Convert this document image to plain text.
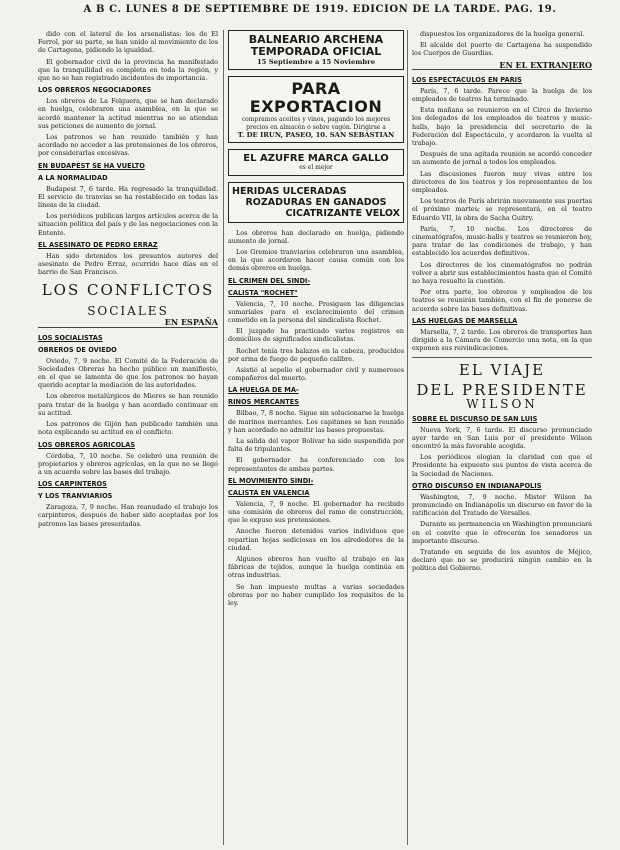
A B C. LUNES 8 DE SEPTIEMBRE DE 1919. EDICION DE LA TARDE. PAG. 19.

dido con el lateral de los arsenalistas: los de El Ferrol, por su parte, se han unido al movimiento de los de Cartagena, pidiendo la igualdad.

El gobernador civil de la provincia ha manifestado que la tranquilidad es completa en toda la región, y que no se han registrado incidentes de importancia.

LOS OBREROS NEGOCIADORES

Los obreros de La Felguera, que se han declarado en huelga, celebraron una asamblea, en la que se acordó mantener la actitud mientras no se atiendan sus peticiones de aumento de jornal.

Los patronos se han reunido también y han acordado no acceder a las pretensiones de los obreros, por considerarlas excesivas.

EN BUDAPEST SE HA VUELTO
A LA NORMALIDAD

Budapest 7, 6 tarde. Ha regresado la tranquilidad. El servicio de tranvías se ha restablecido en todas las líneas de la ciudad.

Los periódicos publican largos artículos acerca de la situación política del país y de las negociaciones con la Entente.

EL ASESINATO DE PEDRO ERRAZ

Han sido detenidos los presuntos autores del asesinato de Pedro Erraz, ocurrido hace días en el barrio de San Francisco.

LOS CONFLICTOS
SOCIALES
EN ESPAÑA
LOS SOCIALISTAS
OBREROS DE OVIEDO

Oviedo, 7, 9 noche. El Comité de la Federación de Sociedades Obreras ha hecho público un manifiesto, en el que se lamenta de que los patronos no hayan querido aceptar la mediación de las autoridades.

Los obreros metalúrgicos de Mieres se han reunido para tratar de la huelga y han acordado continuar en su actitud.

Los patronos de Gijón han publicado también una nota explicando su actitud en el conflicto.

LOS OBREROS AGRICOLAS

Córdoba, 7, 10 noche. Se celebró una reunión de propietarios y obreros agrícolas, en la que no se llegó a un acuerdo sobre las bases del trabajo.

LOS CARPINTEROS
Y LOS TRANVIARIOS

Zaragoza, 7, 9 noche. Han reanudado el trabajo los carpinteros, después de haber sido aceptadas por los patronos las bases presentadas.

BALNEARIO ARCHENA
TEMPORADA OFICIAL
15 Septiembre a 15 Noviembre
PARA EXPORTACION
compramos aceites y vinos, pagando los mejores precios en almacén o sobre vagón. Dirigirse a
T. DE IRUN, PASEO, 10. SAN SEBASTIAN
EL AZUFRE MARCA GALLO
es el mejor
HERIDAS ULCERADAS
ROZADURAS EN GANADOS
CICATRIZANTE VELOX

Los obreros han declarado en huelga, pidiendo aumento de jornal.

Los Gremios tranviarios celebraron una asamblea, en la que acordaron hacer causa común con los demás obreros en huelga.

EL CRIMEN DEL SINDI-
CALISTA "ROCHET"

Valencia, 7, 10 noche. Prosiguen las diligencias sumariales para el esclarecimiento del crimen cometido en la persona del sindicalista Rochet.

El juzgado ha practicado varios registros en domicilios de significados sindicalistas.

Rochet tenía tres balazos en la cabeza, producidos por arma de fuego de pequeño calibre.

Asistió al sepelio el gobernador civil y numerosos compañeros del muerto.

LA HUELGA DE MA-
RINOS MERCANTES

Bilbao, 7, 8 noche. Sigue sin solucionarse la huelga de marinos mercantes. Los capitanes se han reunido y han acordado no admitir las bases propuestas.

La salida del vapor Bolívar ha sido suspendida por falta de tripulantes.

El gobernador ha conferenciado con los representantes de ambas partes.

EL MOVIMIENTO SINDI-
CALISTA EN VALENCIA

Valencia, 7, 9 noche. El gobernador ha recibido una comisión de obreros del ramo de construcción, que le expuso sus pretensiones.

Anoche fueron detenidos varios individuos que repartían hojas sediciosas en los alrededores de la ciudad.

Algunos obreros han vuelto al trabajo en las fábricas de tejidos, aunque la huelga continúa en otras industrias.

Se han impuesto multas a varias sociedades obreras por no haber cumplido los requisitos de la ley.

dispuestos los organizadores de la huelga general.

El alcalde del puerto de Cartagena ha suspendido los Cuerpos de Guardias.

EN EL EXTRANJERO
LOS ESPECTACULOS EN PARIS

París, 7, 6 tarde. Parece que la huelga de los empleados de teatros ha terminado.

Esta mañana se reunieron en el Circo de Invierno los delegados de los empleados de teatros y music-halls, bajo la presidencia del secretario de la Federación del Espectáculo, y acordaron la vuelta al trabajo.

Después de una agitada reunión se acordó conceder un aumento de jornal a todos los empleados.

Las discusiones fueron muy vivas entre los directores de los teatros y los representantes de los empleados.

Los teatros de París abrirán nuevamente sus puertas el próximo martes; se representará, en el teatro Eduardo VII, la obra de Sacha Guitry.

París, 7, 10 noche. Los directores de cinematógrafos, music-halls y teatros se reunieron hoy, para tratar de las condiciones de trabajo, y han establecido los acuerdos definitivos.

Los directores de los cinematógrafos no podrán volver a abrir sus establecimientos hasta que el Comité no haya resuelto la cuestión.

Por otra parte, los obreros y empleados de los teatros se reunirán también, con el fin de ponerse de acuerdo sobre las bases definitivas.

LAS HUELGAS DE MARSELLA

Marsella, 7, 2 tarde. Los obreros de transportes han dirigido a la Cámara de Comercio una nota, en la que exponen sus reivindicaciones.

EL VIAJE
DEL PRESIDENTE
WILSON
SOBRE EL DISCURSO DE SAN LUIS

Nueva York, 7, 6 tarde. El discurso pronunciado ayer tarde en San Luis por el presidente Wilson encontró la más favorable acogida.

Los periódicos elogian la claridad con que el Presidente ha expuesto sus puntos de vista acerca de la Sociedad de Naciones.

OTRO DISCURSO EN INDIANAPOLIS

Washington, 7, 9 noche. Mister Wilson ha pronunciado en Indianápolis un discurso en favor de la ratificación del Tratado de Versalles.

Durante su permanencia en Washington pronunciará en el convite que le ofrecerán los senadores un importante discurso.

Tratando en seguida de los asuntos de Méjico, declaró que no se producirá ningún cambio en la política del Gobierno.
